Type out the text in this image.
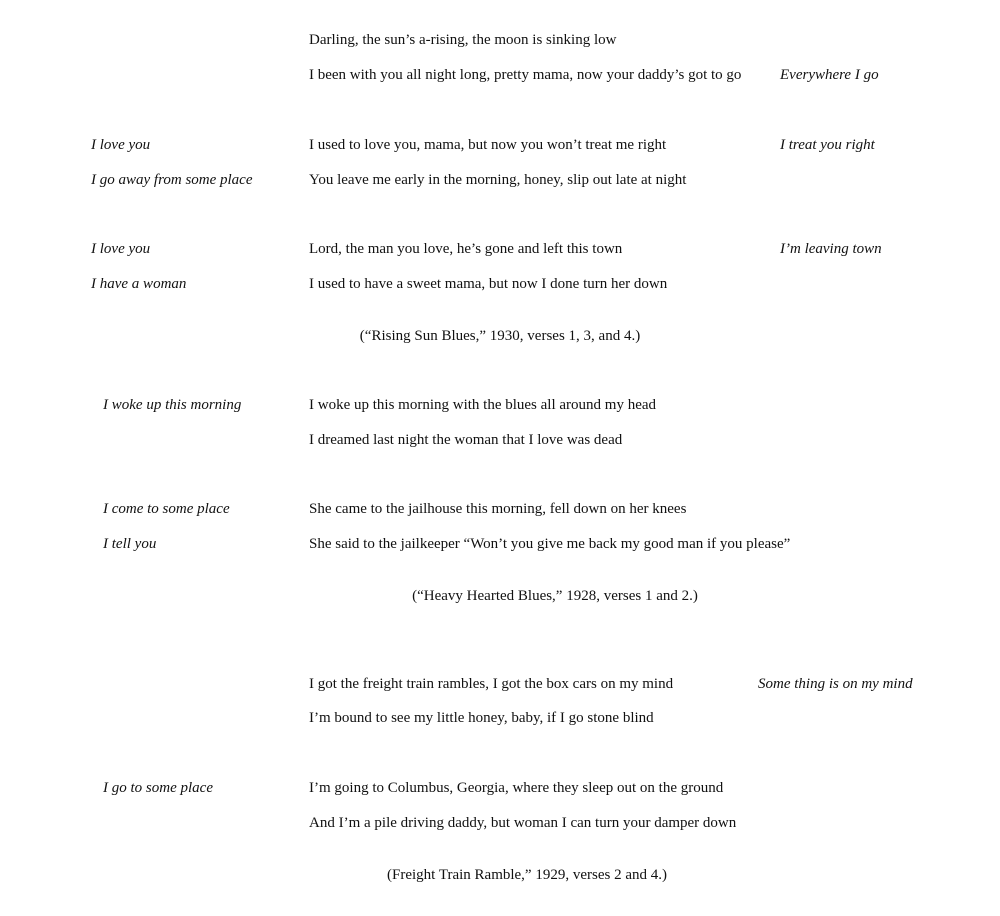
Darling, the sun’s a-rising, the moon is sinking low
I been with you all night long, pretty mama, now your daddy’s got to go	Everywhere I go
I love you	I used to love you, mama, but now you won’t treat me right	I treat you right
I go away from some place	You leave me early in the morning, honey, slip out late at night
I love you	Lord, the man you love, he’s gone and left this town	I’m leaving town
I have a woman	I used to have a sweet mama, but now I done turn her down
(“Rising Sun Blues,” 1930, verses 1, 3, and 4.)
I woke up this morning	I woke up this morning with the blues all around my head
I dreamed last night the woman that I love was dead
I come to some place	She came to the jailhouse this morning, fell down on her knees
I tell you	She said to the jailkeeper “Won’t you give me back my good man if you please”
(“Heavy Hearted Blues,” 1928, verses 1 and 2.)
I got the freight train rambles, I got the box cars on my mind	Some thing is on my mind
I’m bound to see my little honey, baby, if I go stone blind
I go to some place	I’m going to Columbus, Georgia, where they sleep out on the ground
And I’m a pile driving daddy, but woman I can turn your damper down
(Freight Train Ramble,” 1929, verses 2 and 4.)
